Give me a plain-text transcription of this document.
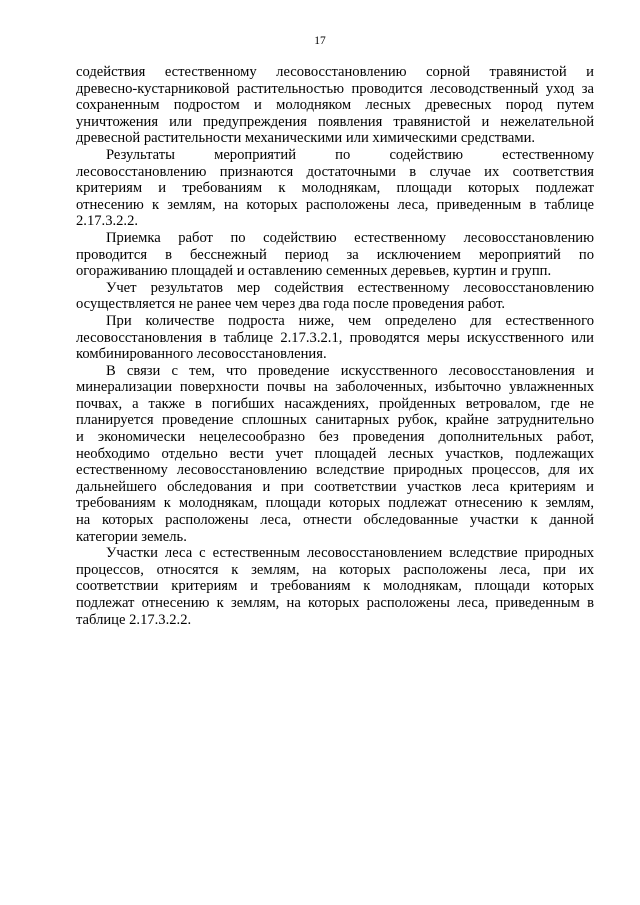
17
содействия естественному лесовосстановлению сорной травянистой и
древесно-кустарниковой растительностью проводится лесоводственный уход за
сохраненным подростом и молодняком лесных древесных пород путем
уничтожения или предупреждения появления травянистой и нежелательной
древесной растительности механическими или химическими средствами.
Результаты мероприятий по содействию естественному
лесовосстановлению признаются достаточными в случае их соответствия
критериям и требованиям к молоднякам, площади которых подлежат
отнесению к землям, на которых расположены леса, приведенным в таблице
2.17.3.2.2.
Приемка работ по содействию естественному лесовосстановлению
проводится в бесснежный период за исключением мероприятий по
огораживанию площадей и оставлению семенных деревьев, куртин и групп.
Учет результатов мер содействия естественному лесовосстановлению
осуществляется не ранее чем через два года после проведения работ.
При количестве подроста ниже, чем определено для естественного
лесовосстановления в таблице 2.17.3.2.1, проводятся меры искусственного или
комбинированного лесовосстановления.
В связи с тем, что проведение искусственного лесовосстановления и
минерализации поверхности почвы на заболоченных, избыточно увлажненных
почвах, а также в погибших насаждениях, пройденных ветровалом, где не
планируется проведение сплошных санитарных рубок, крайне затруднительно
и экономически нецелесообразно без проведения дополнительных работ,
необходимо отдельно вести учет площадей лесных участков, подлежащих
естественному лесовосстановлению вследствие природных процессов, для их
дальнейшего обследования и при соответствии участков леса критериям и
требованиям к молоднякам, площади которых подлежат отнесению к землям,
на которых расположены леса, отнести обследованные участки к данной
категории земель.
Участки леса с естественным лесовосстановлением вследствие природных
процессов, относятся к землям, на которых расположены леса, при их
соответствии критериям и требованиям к молоднякам, площади которых
подлежат отнесению к землям, на которых расположены леса, приведенным в
таблице 2.17.3.2.2.
